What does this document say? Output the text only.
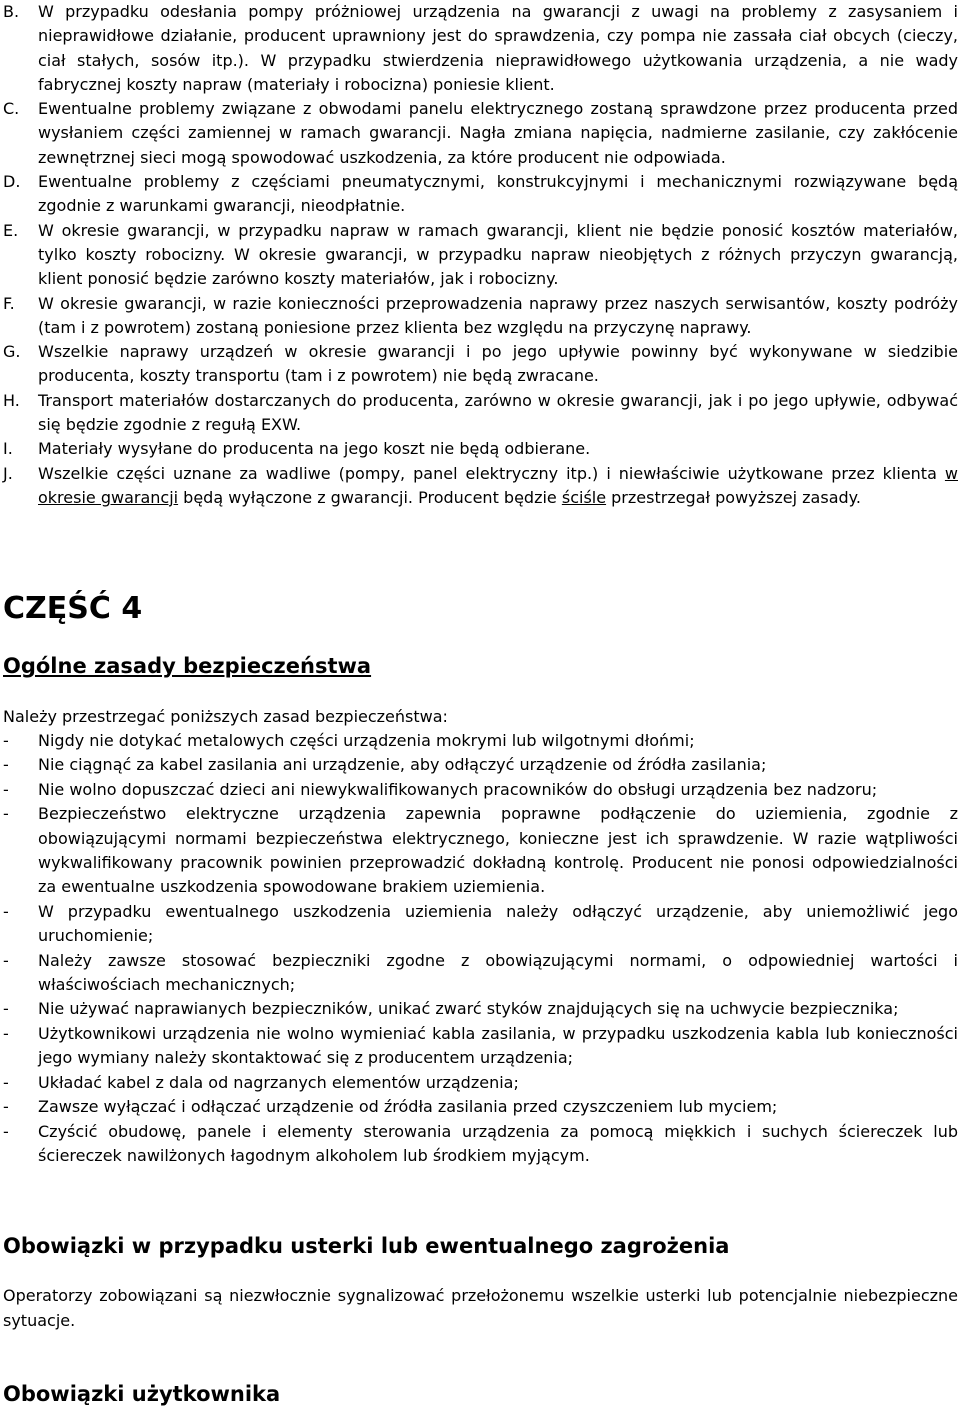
B.	W przypadku odesłania pompy próżniowej urządzenia na gwarancji z uwagi na problemy z zasysaniem i nieprawidłowe działanie, producent uprawniony jest do sprawdzenia, czy pompa nie zassała ciał obcych (cieczy, ciał stałych, sosów itp.). W przypadku stwierdzenia nieprawidłowego użytkowania urządzenia, a nie wady fabrycznej koszty napraw (materiały i robocizna) poniesie klient.
C.	Ewentualne problemy związane z obwodami panelu elektrycznego zostaną sprawdzone przez producenta przed wysłaniem części zamiennej w ramach gwarancji. Nagła zmiana napięcia, nadmierne zasilanie, czy zakłócenie zewnętrznej sieci mogą spowodować uszkodzenia, za które producent nie odpowiada.
D.	Ewentualne problemy z częściami pneumatycznymi, konstrukcyjnymi i mechanicznymi rozwiązywane będą zgodnie z warunkami gwarancji, nieodpłatnie.
E.	W okresie gwarancji, w przypadku napraw w ramach gwarancji, klient nie będzie ponosić kosztów materiałów, tylko koszty robocizny. W okresie gwarancji, w przypadku napraw nieobjętych z różnych przyczyn gwarancją, klient ponosić będzie zarówno koszty materiałów, jak i robocizny.
F.	W okresie gwarancji, w razie konieczności przeprowadzenia naprawy przez naszych serwisantów, koszty podróży (tam i z powrotem) zostaną poniesione przez klienta bez względu na przyczynę naprawy.
G.	Wszelkie naprawy urządzeń w okresie gwarancji i po jego upływie powinny być wykonywane w siedzibie producenta, koszty transportu (tam i z powrotem) nie będą zwracane.
H.	Transport materiałów dostarczanych do producenta, zarówno w okresie gwarancji, jak i po jego upływie, odbywać się będzie zgodnie z regułą EXW.
I.	Materiały wysyłane do producenta na jego koszt nie będą odbierane.
J.	Wszelkie części uznane za wadliwe (pompy, panel elektryczny itp.) i niewłaściwie użytkowane przez klienta w okresie gwarancji będą wyłączone z gwarancji. Producent będzie ściśle przestrzegał powyższej zasady.
CZĘŚĆ 4
Ogólne zasady bezpieczeństwa
Należy przestrzegać poniższych zasad bezpieczeństwa:
-	Nigdy nie dotykać metalowych części urządzenia mokrymi lub wilgotnymi dłońmi;
-	Nie ciągnąć za kabel zasilania ani urządzenie, aby odłączyć urządzenie od źródła zasilania;
-	Nie wolno dopuszczać dzieci ani niewykwalifikowanych pracowników do obsługi urządzenia bez nadzoru;
-	Bezpieczeństwo elektryczne urządzenia zapewnia poprawne podłączenie do uziemienia, zgodnie z obowiązującymi normami bezpieczeństwa elektrycznego, konieczne jest ich sprawdzenie. W razie wątpliwości wykwalifikowany pracownik powinien przeprowadzić dokładną kontrolę. Producent nie ponosi odpowiedzialności za ewentualne uszkodzenia spowodowane brakiem uziemienia.
-	W przypadku ewentualnego uszkodzenia uziemienia należy odłączyć urządzenie, aby uniemożliwić jego uruchomienie;
-	Należy zawsze stosować bezpieczniki zgodne z obowiązującymi normami, o odpowiedniej wartości i właściwościach mechanicznych;
-	Nie używać naprawianych bezpieczników, unikać zwarć styków znajdujących się na uchwycie bezpiecznika;
-	Użytkownikowi urządzenia nie wolno wymieniać kabla zasilania, w przypadku uszkodzenia kabla lub konieczności jego wymiany należy skontaktować się z producentem urządzenia;
-	Układać kabel z dala od nagrzanych elementów urządzenia;
-	Zawsze wyłączać i odłączać urządzenie od źródła zasilania przed czyszczeniem lub myciem;
-	Czyścić obudowę, panele i elementy sterowania urządzenia za pomocą miękkich i suchych ściereczek lub ściereczek nawilżonych łagodnym alkoholem lub środkiem myjącym.
Obowiązki w przypadku usterki lub ewentualnego zagrożenia

Operatorzy zobowiązani są niezwłocznie sygnalizować przełożonemu wszelkie usterki lub potencjalnie niebezpieczne sytuacje.

Obowiązki użytkownika
